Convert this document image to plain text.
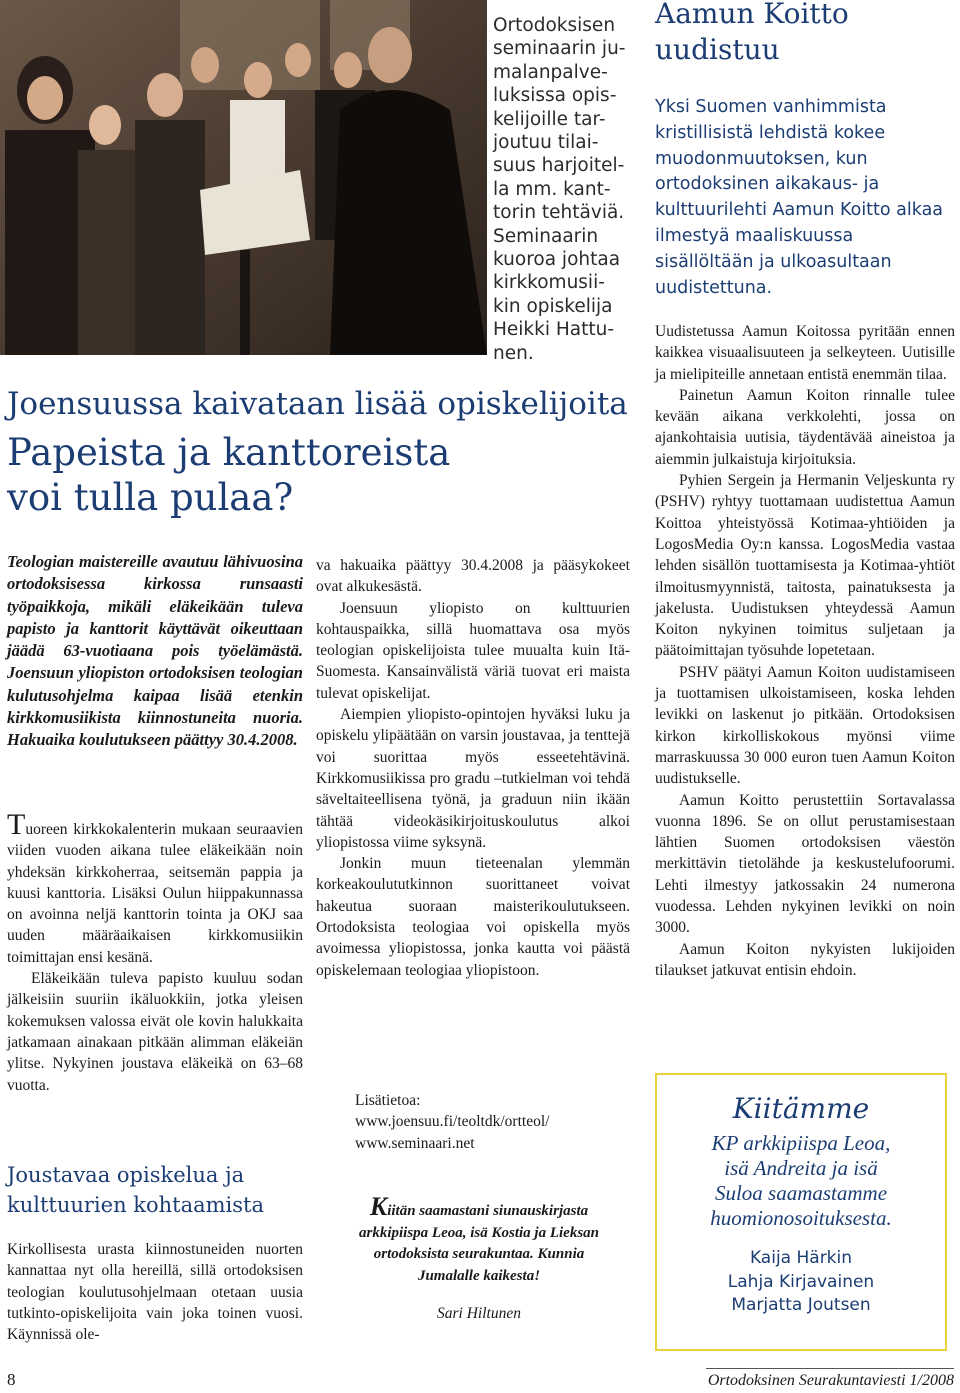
Ortodoksisen
seminaarin ju-
malanpalve-
luksissa opis-
kelijoille tar-
joutuu tilai-
suus harjoitel-
la mm. kant-
torin tehtäviä.
Seminaarin
kuoroa johtaa
kirkkomusii-
kin opiskelija
Heikki Hattu-
nen.
Joensuussa kaivataan lisää opiskelijoita
Papeista ja kanttoreista
voi tulla pulaa?
Teologian maistereille avautuu lähivuosina ortodoksisessa kirkossa runsaasti työpaikkoja, mikäli eläkeikään tuleva papisto ja kanttorit käyttävät oikeuttaan jäädä 63-vuotiaana pois työelämästä. Joensuun yliopiston ortodoksisen teologian kulutusohjelma kaipaa lisää etenkin kirkkomusiikista kiinnostuneita nuoria. Hakuaika koulutukseen päättyy 30.4.2008.

Tuoreen kirkkokalenterin mukaan seuraavien viiden vuoden aikana tulee eläkeikään noin yhdeksän kirkkoherraa, seitsemän pappia ja kuusi kanttoria. Lisäksi Oulun hiippakunnassa on avoinna neljä kanttorin tointa ja OKJ saa uuden määräaikaisen kirkkomusiikin toimittajan ensi kesänä.

Eläkeikään tuleva papisto kuuluu sodan jälkeisiin suuriin ikäluokkiin, jotka yleisen kokemuksen valossa eivät ole kovin halukkaita jatkamaan ainakaan pitkään alimman eläkeiän ylitse. Nykyinen joustava eläkeikä on 63–68 vuotta.

Joustavaa opiskelua ja kulttuurien kohtaamista

Kirkollisesta urasta kiinnostuneiden nuorten kannattaa nyt olla hereillä, sillä ortodoksisen teologian koulutusohjelmaan otetaan uusia tutkinto-opiskelijoita vain joka toinen vuosi. Käynnissä ole-

va hakuaika päättyy 30.4.2008 ja pääsykokeet ovat alkukesästä.

Joensuun yliopisto on kulttuurien kohtauspaikka, sillä huomattava osa myös teologian opiskelijoista tulee muualta kuin Itä-Suomesta. Kansainvälistä väriä tuovat eri maista tulevat opiskelijat.

Aiempien yliopisto-opintojen hyväksi luku ja opiskelu ylipäätään on varsin joustavaa, ja tenttejä voi suorittaa myös esseetehtävinä. Kirkkomusiikissa pro gradu –tutkielman voi tehdä säveltaiteellisena työnä, ja graduun niin ikään tähtää videokäsikirjoituskoulutus alkoi yliopistossa viime syksynä.

Jonkin muun tieteenalan ylemmän korkeakoulututkinnon suorittaneet voivat hakeutua suoraan maisterikoulutukseen. Ortodoksista teologiaa voi opiskella myös avoimessa yliopistossa, jonka kautta voi päästä opiskelemaan teologiaa yliopistoon.

Lisätietoa:
www.joensuu.fi/teoltdk/ortteol/
www.seminaari.net
Kiitän saamastani siunauskirjasta arkkipiispa Leoa, isä Kostia ja Lieksan ortodoksista seurakuntaa. Kunnia Jumalalle kaikesta!
Sari Hiltunen
Aamun Koitto
uudistuu
Yksi Suomen vanhimmista kristillisistä lehdistä kokee muodonmuutoksen, kun ortodoksinen aikakaus- ja kulttuurilehti Aamun Koitto alkaa ilmestyä maaliskuussa sisällöltään ja ulkoasultaan uudistettuna.

Uudistetussa Aamun Koitossa pyritään ennen kaikkea visuaalisuuteen ja selkeyteen. Uutisille ja mielipiteille annetaan entistä enemmän tilaa.

Painetun Aamun Koiton rinnalle tulee kevään aikana verkkolehti, jossa on ajankohtaisia uutisia, täydentävää aineistoa ja aiemmin julkaistuja kirjoituksia.

Pyhien Sergein ja Hermanin Veljeskunta ry (PSHV) ryhtyy tuottamaan uudistettua Aamun Koittoa yhteistyössä Kotimaa-yhtiöiden ja LogosMedia Oy:n kanssa. LogosMedia vastaa lehden sisällön tuottamisesta ja Kotimaa-yhtiöt ilmoitusmyynnistä, taitosta, painatuksesta ja jakelusta. Uudistuksen yhteydessä Aamun Koiton nykyinen toimitus suljetaan ja päätoimittajan työsuhde lopetetaan.

PSHV päätyi Aamun Koiton uudistamiseen ja tuottamisen ulkoistamiseen, koska lehden levikki on laskenut jo pitkään. Ortodoksisen kirkon kirkolliskokous myönsi viime marraskuussa 30 000 euron tuen Aamun Koiton uudistukselle.

Aamun Koitto perustettiin Sortavalassa vuonna 1896. Se on ollut perustamisestaan lähtien Suomen ortodoksisen väestön merkittävin tietolähde ja keskustelufoorumi. Lehti ilmestyy jatkossakin 24 numerona vuodessa. Lehden nykyinen levikki on noin 3000.

Aamun Koiton nykyisten lukijoiden tilaukset jatkuvat entisin ehdoin.

Kiitämme
KP arkkipiispa Leoa,
isä Andreita ja isä
Suloa saamastamme
huomionosoituksesta.
Kaija Härkin
Lahja Kirjavainen
Marjatta Joutsen
8	Ortodoksinen Seurakuntaviesti 1/2008
